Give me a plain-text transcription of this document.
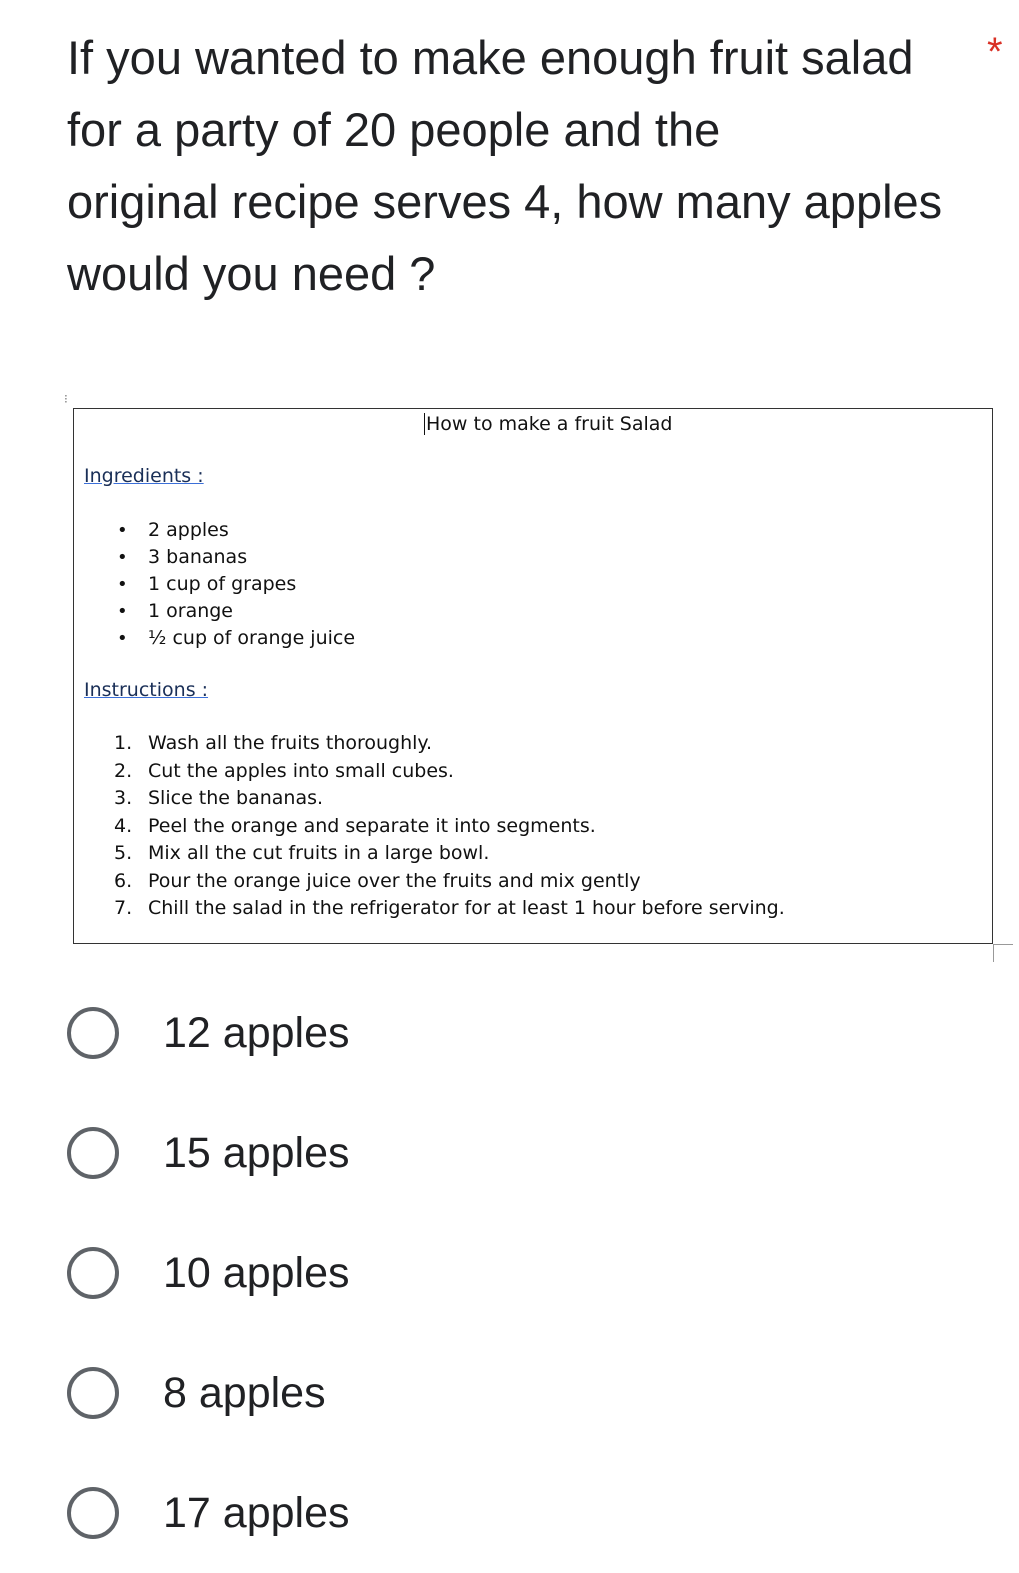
If you wanted to make enough fruit salad
for a party of 20 people and the
original recipe serves 4, how many apples
would you need ?
*
⁝
How to make a fruit Salad
Ingredients :
• 2 apples
• 3 bananas
• 1 cup of grapes
• 1 orange
• ½ cup of orange juice
Instructions :
1. Wash all the fruits thoroughly.
2. Cut the apples into small cubes.
3. Slice the bananas.
4. Peel the orange and separate it into segments.
5. Mix all the cut fruits in a large bowl.
6. Pour the orange juice over the fruits and mix gently
7. Chill the salad in the refrigerator for at least 1 hour before serving.
12 apples
15 apples
10 apples
8 apples
17 apples
